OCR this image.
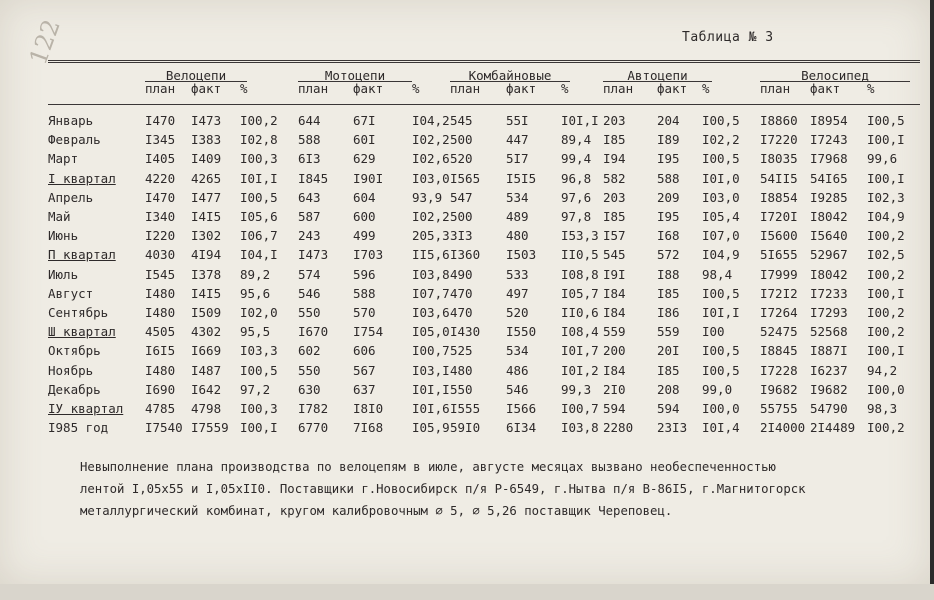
122	Таблица № 3
Велоцепи
план факт %
Мотоцепи
план факт %
Комбайновые
план факт %
Автоцепи
план факт %
Велосипед
план факт %
Январь	I470	I473	I00,2	644	67I	I04,2	545	55I	I0I,I	203	204	I00,5	I8860	I8954	I00,5
Февраль	I345	I383	I02,8	588	60I	I02,2	500	447	89,4	I85	I89	I02,2	I7220	I7243	I00,I
Март	I405	I409	I00,3	6I3	629	I02,6	520	5I7	99,4	I94	I95	I00,5	I8035	I7968	99,6
I квартал	4220	4265	I0I,I	I845	I90I	I03,0	I565	I5I5	96,8	582	588	I0I,0	54II5	54I65	I00,I
Апрель	I470	I477	I00,5	643	604	93,9	547	534	97,6	203	209	I03,0	I8854	I9285	I02,3
Май	I340	I4I5	I05,6	587	600	I02,2	500	489	97,8	I85	I95	I05,4	I720I	I8042	I04,9
Июнь	I220	I302	I06,7	243	499	205,3	3I3	480	I53,3	I57	I68	I07,0	I5600	I5640	I00,2
П квартал	4030	4I94	I04,I	I473	I703	II5,6	I360	I503	II0,5	545	572	I04,9	5I655	52967	I02,5
Июль	I545	I378	89,2	574	596	I03,8	490	533	I08,8	I9I	I88	98,4	I7999	I8042	I00,2
Август	I480	I4I5	95,6	546	588	I07,7	470	497	I05,7	I84	I85	I00,5	I72I2	I7233	I00,I
Сентябрь	I480	I509	I02,0	550	570	I03,6	470	520	II0,6	I84	I86	I0I,I	I7264	I7293	I00,2
Ш квартал	4505	4302	95,5	I670	I754	I05,0	I430	I550	I08,4	559	559	I00	52475	52568	I00,2
Октябрь	I6I5	I669	I03,3	602	606	I00,7	525	534	I0I,7	200	20I	I00,5	I8845	I887I	I00,I
Ноябрь	I480	I487	I00,5	550	567	I03,I	480	486	I0I,2	I84	I85	I00,5	I7228	I6237	94,2
Декабрь	I690	I642	97,2	630	637	I0I,I	550	546	99,3	2I0	208	99,0	I9682	I9682	I00,0
IУ квартал	4785	4798	I00,3	I782	I8I0	I0I,6	I555	I566	I00,7	594	594	I00,0	55755	54790	98,3
I985 год	I7540	I7559	I00,I	6770	7I68	I05,9	59I0	6I34	I03,8	2280	23I3	I0I,4	2I4000	2I4489	I00,2

Невыполнение плана производства по велоцепям в июле, августе месяцах вызвано необеспеченностью

лентой I,05х55 и I,05хII0. Поставщики г.Новосибирск п/я Р-6549, г.Нытва п/я В-86I5, г.Магнитогорск

металлургический комбинат, кругом калибровочным ∅ 5, ∅ 5,26 поставщик Череповец.
